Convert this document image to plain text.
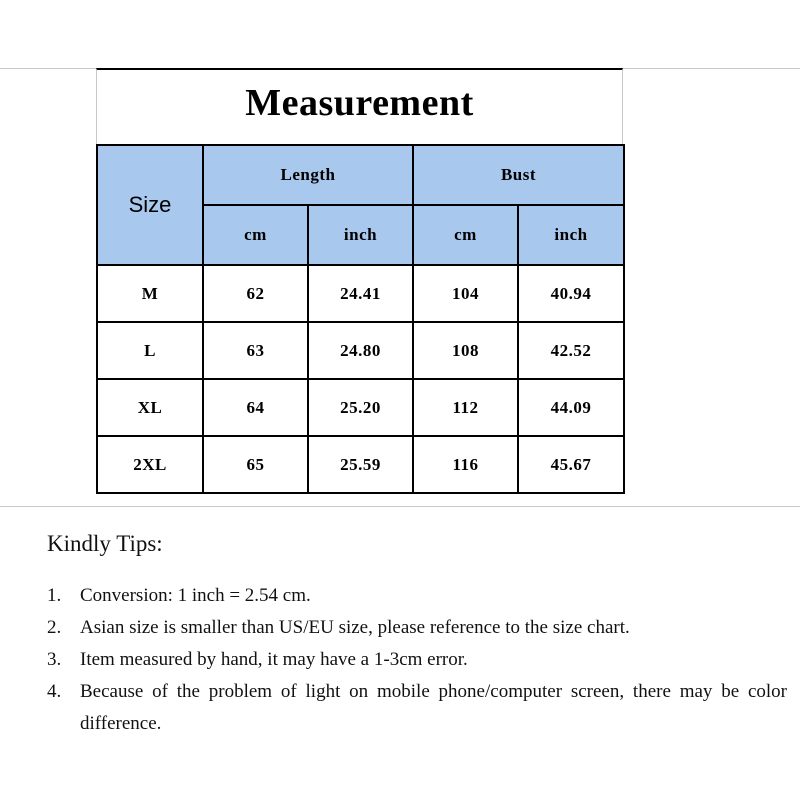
Measurement
Size	Length		Bust	
	cm	inch	cm	inch
M	62	24.41	104	40.94
L	63	24.80	108	42.52
XL	64	25.20	112	44.09
2XL	65	25.59	116	45.67
Kindly Tips:
1. Conversion: 1 inch = 2.54 cm.
2. Asian size is smaller than US/EU size, please reference to the size chart.
3. Item measured by hand, it may have a 1-3cm error.
4. Because of the problem of light on mobile phone/computer screen, there may be color difference.
